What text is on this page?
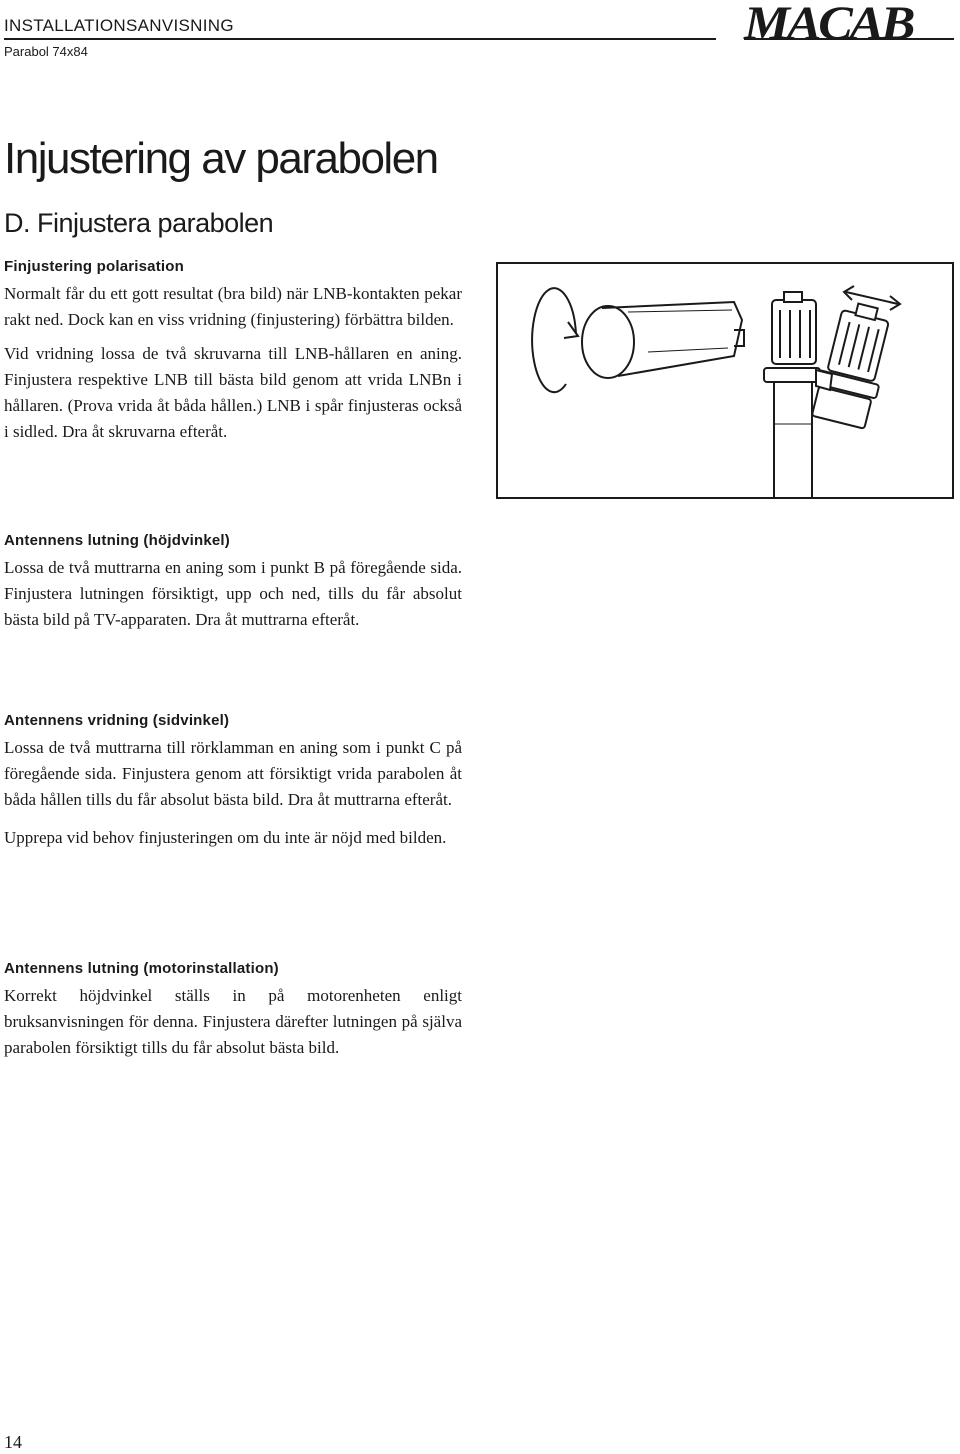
INSTALLATIONSANVISNING
Parabol 74x84
MACAB
Injustering av parabolen
D. Finjustera parabolen

Finjustering polarisation

Normalt får du ett gott resultat (bra bild) när LNB-kontakten pekar rakt ned. Dock kan en viss vridning (finjustering) förbättra bilden.

Vid vridning lossa de två skruvarna till LNB-hållaren en aning. Finjustera respektive LNB till bästa bild genom att vrida LNBn i hållaren. (Prova vrida åt båda hållen.) LNB i spår finjusteras också i sidled. Dra åt skruvarna efteråt.

Antennens lutning (höjdvinkel)

Lossa de två muttrarna en aning som i punkt B på föregående sida. Finjustera lutningen försiktigt, upp och ned, tills du får absolut bästa bild på TV-apparaten. Dra åt muttrarna efteråt.

Antennens vridning (sidvinkel)

Lossa de två muttrarna till rörklamman en aning som i punkt C på föregående sida. Finjustera genom att försiktigt vrida parabolen åt båda hållen tills du får absolut bästa bild. Dra åt muttrarna efteråt.

Upprepa vid behov finjusteringen om du inte är nöjd med bilden.

Antennens lutning (motorinstallation)

Korrekt höjdvinkel ställs in på motorenheten enligt bruksanvisningen för denna. Finjustera därefter lutningen på själva parabolen försiktigt tills du får absolut bästa bild.

14
